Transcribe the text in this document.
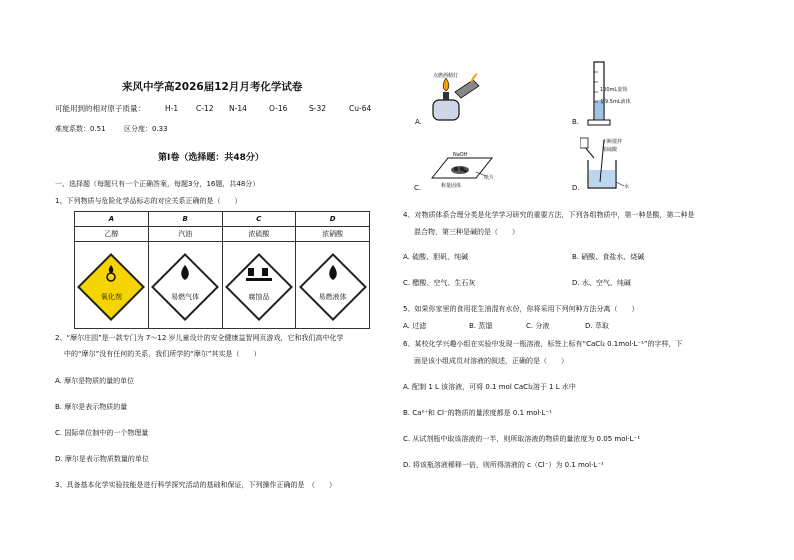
来风中学高2026届12月月考化学试卷
可能用到的相对原子质量：	H-1 C-12 N-14	O-16	S-32	Cu-64
难度系数：0.51	区分度：0.33
第Ⅰ卷（选择题：共48分）
一、选择题（每题只有一个正确答案，每题3分，16题，共48分）
1、下列物质与危险化学品标志的对应关系正确的是（　　）
A	B	C	D
乙醇	汽油	浓硫酸	浓硝酸

氧化剂	易燃气体	腐蚀品	易燃液体
2、“摩尔庄园”是一款专门为 7～12 岁儿童设计的安全健康益智网页游戏，它和我们高中化学
中的“摩尔”没有任何的关系，我们所学的“摩尔”其实是（　　）
A. 摩尔是物质的量的单位
B. 摩尔是表示物质的量
C. 国际单位制中的一个物理量
D. 摩尔是表示物质数量的单位
3、具备基本化学实验技能是进行科学探究活动的基础和保证，下列操作正确的是　（　　）
点燃酒精灯
A.
100mL量筒
量9.5mL液体
B.
NaOH
纸片
称量固体
C.
不断搅拌
浓硫酸
水
D.
4、对物质体系合理分类是化学学习研究的重要方法，下列各组物质中，第一种是酸，第二种是
混合物，第三种是碱的是（　　）
A. 硫酸、胆矾、纯碱	B. 硝酸、食盐水、烧碱
C. 醋酸、空气、生石灰	D. 水、空气、纯碱
5、如果你家里的食用花生油混有水份，你将采用下列何种方法分离（　　）
A. 过滤	B. 蒸馏	C. 分液	D. 萃取
6、某校化学兴趣小组在实验中发现一瓶溶液，标签上标有“CaCl₂ 0.1mol·L⁻¹”的字样，下
面是该小组成员对溶液的叙述，正确的是（　　）
A. 配制 1 L 该溶液，可将 0.1 mol CaCl₂溶于 1 L 水中
B. Ca²⁺和 Cl⁻的物质的量浓度都是 0.1 mol·L⁻¹
C. 从试剂瓶中取该溶液的一半，则所取溶液的物质的量浓度为 0.05 mol·L⁻¹
D. 将该瓶溶液稀释一倍，则所得溶液的 c（Cl⁻）为 0.1 mol·L⁻¹
